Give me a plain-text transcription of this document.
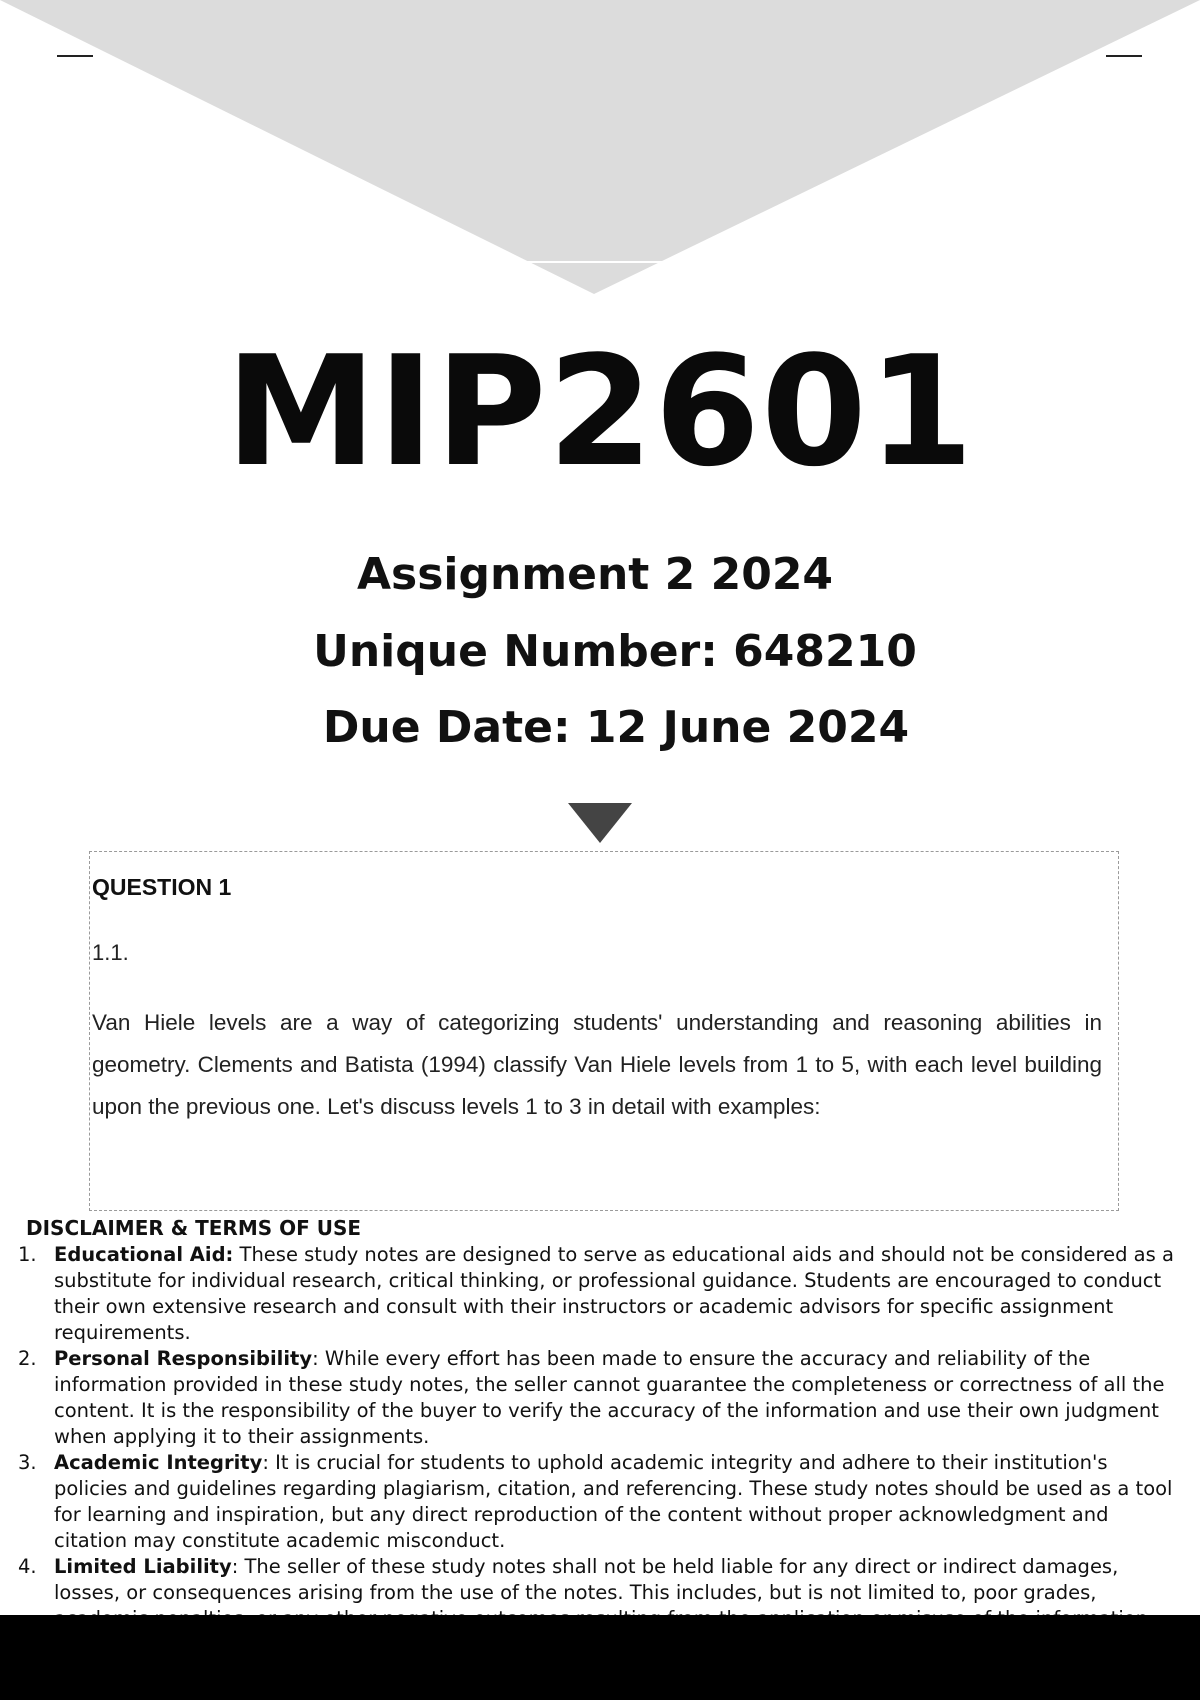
MIP2601
Assignment 2 2024
Unique Number: 648210
Due Date: 12 June 2024
QUESTION 1
1.1.
Van Hiele levels are a way of categorizing students' understanding and reasoning abilities in geometry. Clements and Batista (1994) classify Van Hiele levels from 1 to 5, with each level building upon the previous one. Let's discuss levels 1 to 3 in detail with examples:
DISCLAIMER & TERMS OF USE
1. Educational Aid: These study notes are designed to serve as educational aids and should not be considered as a substitute for individual research, critical thinking, or professional guidance. Students are encouraged to conduct their own extensive research and consult with their instructors or academic advisors for specific assignment requirements.
2. Personal Responsibility: While every effort has been made to ensure the accuracy and reliability of the information provided in these study notes, the seller cannot guarantee the completeness or correctness of all the content. It is the responsibility of the buyer to verify the accuracy of the information and use their own judgment when applying it to their assignments.
3. Academic Integrity: It is crucial for students to uphold academic integrity and adhere to their institution's policies and guidelines regarding plagiarism, citation, and referencing. These study notes should be used as a tool for learning and inspiration, but any direct reproduction of the content without proper acknowledgment and citation may constitute academic misconduct.
4. Limited Liability: The seller of these study notes shall not be held liable for any direct or indirect damages, losses, or consequences arising from the use of the notes. This includes, but is not limited to, poor grades,
